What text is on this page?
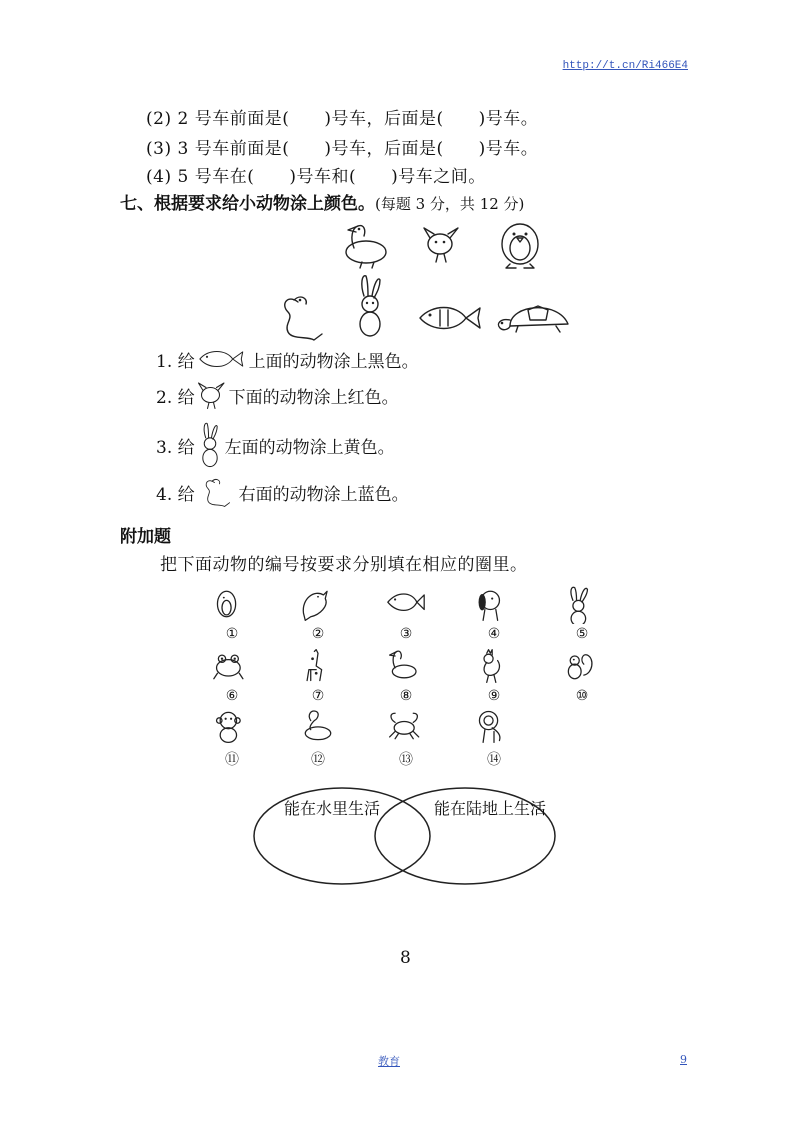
http://t.cn/Ri466E4
(2) 2 号车前面是(　　)号车，后面是(　　)号车。
(3) 3 号车前面是(　　)号车，后面是(　　)号车。
(4) 5 号车在(　　)号车和(　　)号车之间。
七、根据要求给小动物涂上颜色。(每题 3 分，共 12 分)
1. 给	上面的动物涂上黑色。
2. 给 下面的动物涂上红色。
3. 给 左面的动物涂上黄色。
4. 给	右面的动物涂上蓝色。
附加题
把下面动物的编号按要求分别填在相应的圈里。
①	②	③	④	⑤
⑥	⑦	⑧	⑨	⑩
⑪	⑫	⑬	⑭
能在水里生活	能在陆地上生活
8
教育	9
